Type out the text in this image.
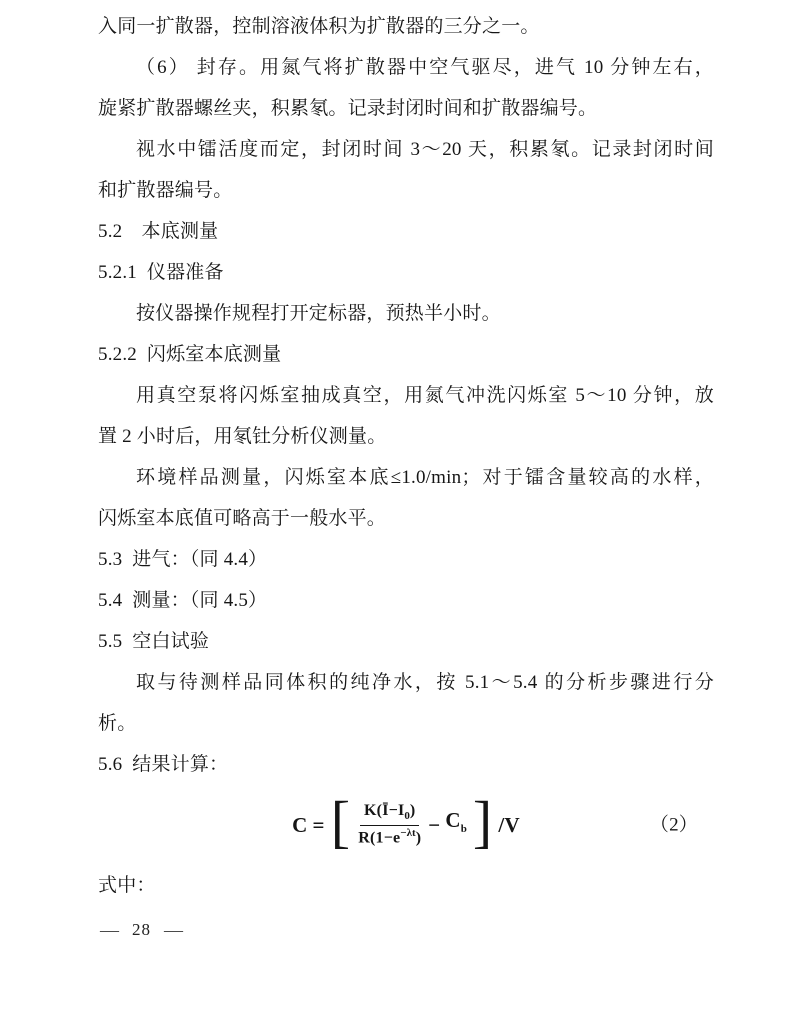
入同一扩散器，控制溶液体积为扩散器的三分之一。
（6） 封存。用氮气将扩散器中空气驱尽，进气 10 分钟左右，
旋紧扩散器螺丝夹，积累氡。记录封闭时间和扩散器编号。
视水中镭活度而定，封闭时间 3～20 天，积累氡。记录封闭时间
和扩散器编号。
5.2　本底测量
5.2.1  仪器准备
按仪器操作规程打开定标器，预热半小时。
5.2.2  闪烁室本底测量
用真空泵将闪烁室抽成真空，用氮气冲洗闪烁室 5～10 分钟，放
置 2 小时后，用氡钍分析仪测量。
环境样品测量，闪烁室本底≤1.0/min；对于镭含量较高的水样，
闪烁室本底值可略高于一般水平。
5.3  进气：（同 4.4）
5.4  测量：（同 4.5）
5.5  空白试验
取与待测样品同体积的纯净水，按 5.1～5.4 的分析步骤进行分
析。
5.6  结果计算：
C = [ $\frac{K(Ī-I_0)}{R(1-e^{-\lambda t})} - C_b$ ] /V	（2）
式中：
— 28 —
